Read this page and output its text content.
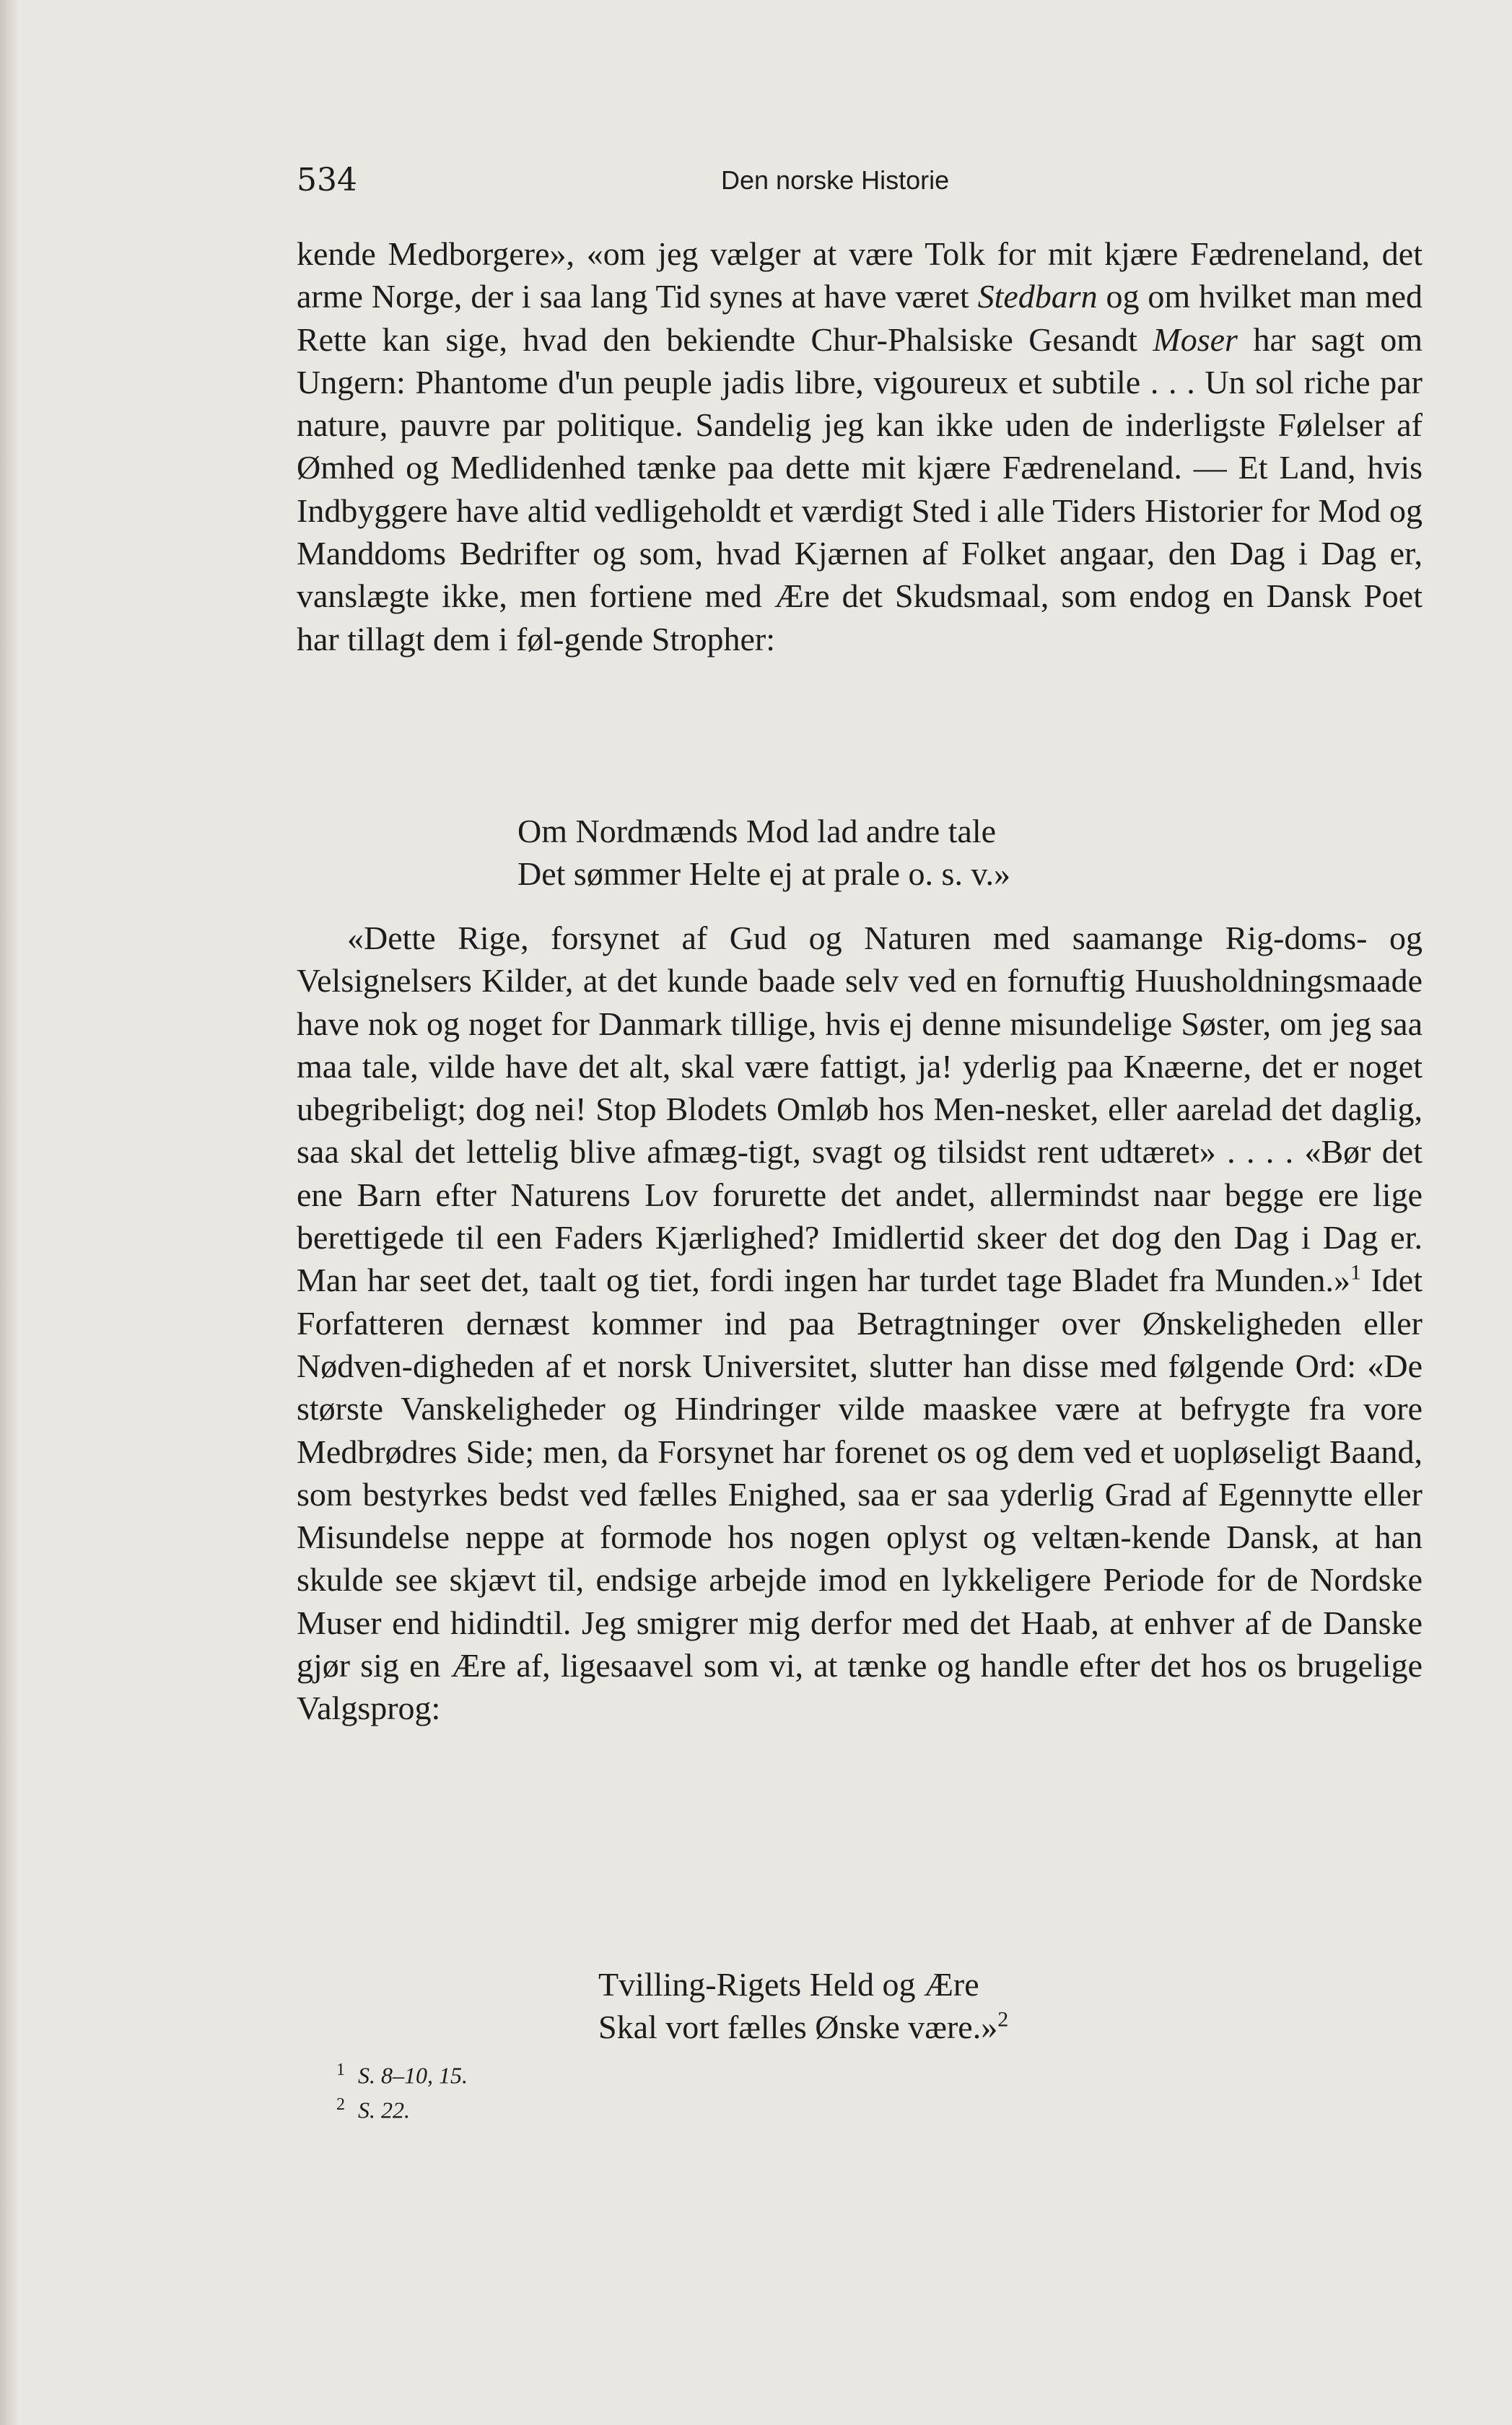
534	Den norske Historie

kende Medborgere», «om jeg vælger at være Tolk for mit kjære Fædreneland, det arme Norge, der i saa lang Tid synes at have været Stedbarn og om hvilket man med Rette kan sige, hvad den bekiendte Chur-Phalsiske Gesandt Moser har sagt om Ungern: Phantome d'un peuple jadis libre, vigoureux et subtile . . . Un sol riche par nature, pauvre par politique. Sandelig jeg kan ikke uden de inderligste Følelser af Ømhed og Medlidenhed tænke paa dette mit kjære Fædreneland. — Et Land, hvis Indbyggere have altid vedligeholdt et værdigt Sted i alle Tiders Historier for Mod og Manddoms Bedrifter og som, hvad Kjærnen af Folket angaar, den Dag i Dag er, vanslægte ikke, men fortiene med Ære det Skudsmaal, som endog en Dansk Poet har tillagt dem i føl-gende Stropher:

Om Nordmænds Mod lad andre tale
Det sømmer Helte ej at prale o. s. v.»

«Dette Rige, forsynet af Gud og Naturen med saamange Rig-doms- og Velsignelsers Kilder, at det kunde baade selv ved en fornuftig Huusholdningsmaade have nok og noget for Danmark tillige, hvis ej denne misundelige Søster, om jeg saa maa tale, vilde have det alt, skal være fattigt, ja! yderlig paa Knæerne, det er noget ubegribeligt; dog nei! Stop Blodets Omløb hos Men-nesket, eller aarelad det daglig, saa skal det lettelig blive afmæg-tigt, svagt og tilsidst rent udtæret» . . . . «Bør det ene Barn efter Naturens Lov forurette det andet, allermindst naar begge ere lige berettigede til een Faders Kjærlighed? Imidlertid skeer det dog den Dag i Dag er. Man har seet det, taalt og tiet, fordi ingen har turdet tage Bladet fra Munden.»$^1$ Idet Forfatteren dernæst kommer ind paa Betragtninger over Ønskeligheden eller Nødven-digheden af et norsk Universitet, slutter han disse med følgende Ord: «De største Vanskeligheder og Hindringer vilde maaskee være at befrygte fra vore Medbrødres Side; men, da Forsynet har forenet os og dem ved et uopløseligt Baand, som bestyrkes bedst ved fælles Enighed, saa er saa yderlig Grad af Egennytte eller Misundelse neppe at formode hos nogen oplyst og veltæn-kende Dansk, at han skulde see skjævt til, endsige arbejde imod en lykkeligere Periode for de Nordske Muser end hidindtil. Jeg smigrer mig derfor med det Haab, at enhver af de Danske gjør sig en Ære af, ligesaavel som vi, at tænke og handle efter det hos os brugelige Valgsprog:

Tvilling-Rigets Held og Ære
Skal vort fælles Ønske være.»$^2$
$^1$ S. 8–10, 15.
$^2$ S. 22.
